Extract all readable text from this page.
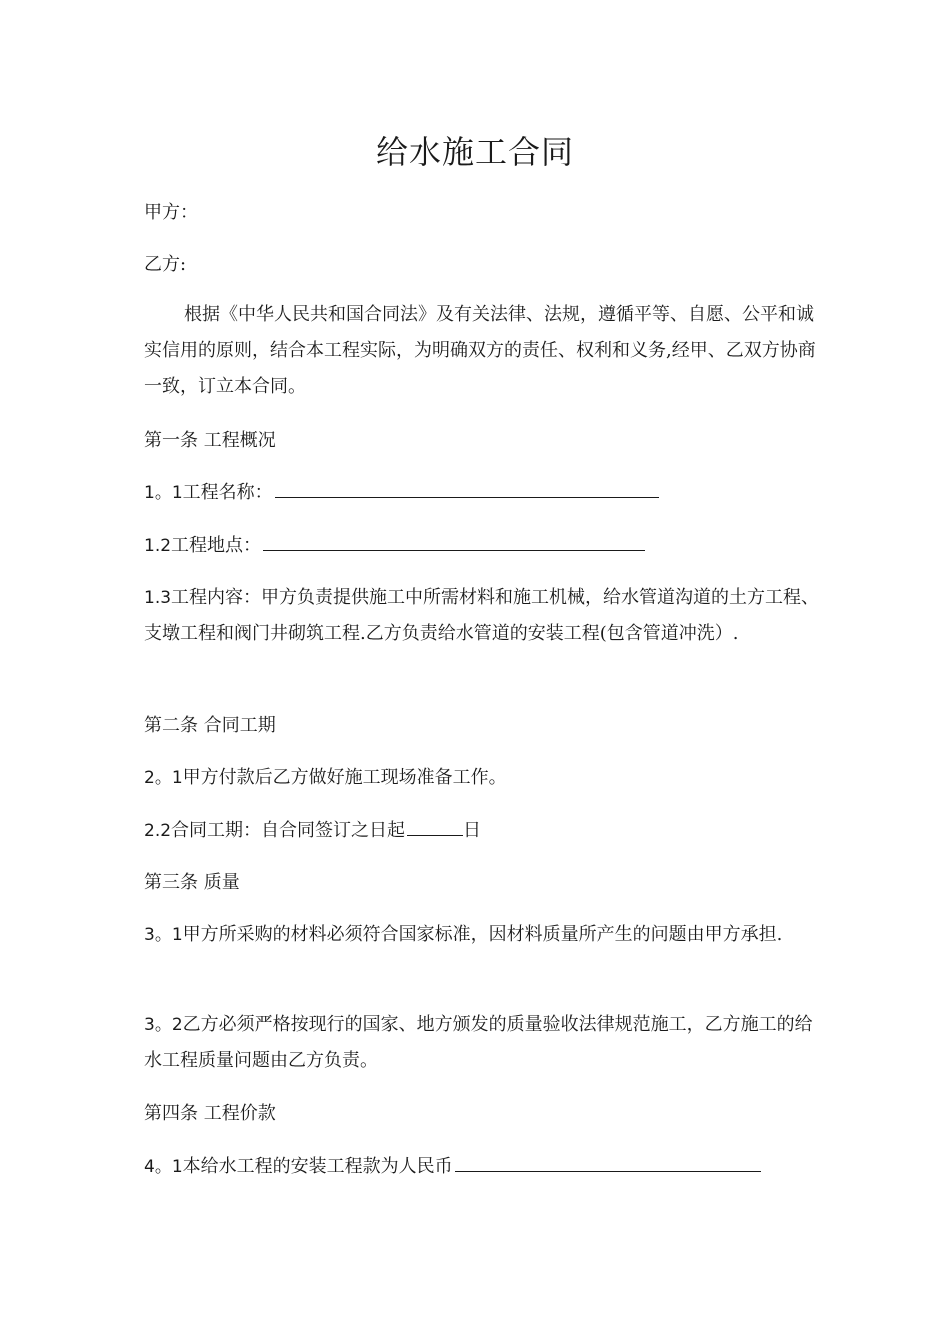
给水施工合同
甲方：
乙方:
根据《中华人民共和国合同法》及有关法律、法规，遵循平等、自愿、公平和诚实信用的原则，结合本工程实际，为明确双方的责任、权利和义务,经甲、乙双方协商一致，订立本合同。
第一条 工程概况
1。1工程名称：
1.2工程地点：
1.3工程内容：甲方负责提供施工中所需材料和施工机械，给水管道沟道的土方工程、支墩工程和阀门井砌筑工程.乙方负责给水管道的安装工程(包含管道冲洗）.
第二条 合同工期
2。1甲方付款后乙方做好施工现场准备工作。
2.2合同工期：自合同签订之日起	日
第三条 质量
3。1甲方所采购的材料必须符合国家标准，因材料质量所产生的问题由甲方承担.
3。2乙方必须严格按现行的国家、地方颁发的质量验收法律规范施工，乙方施工的给水工程质量问题由乙方负责。
第四条 工程价款
4。1本给水工程的安装工程款为人民币
